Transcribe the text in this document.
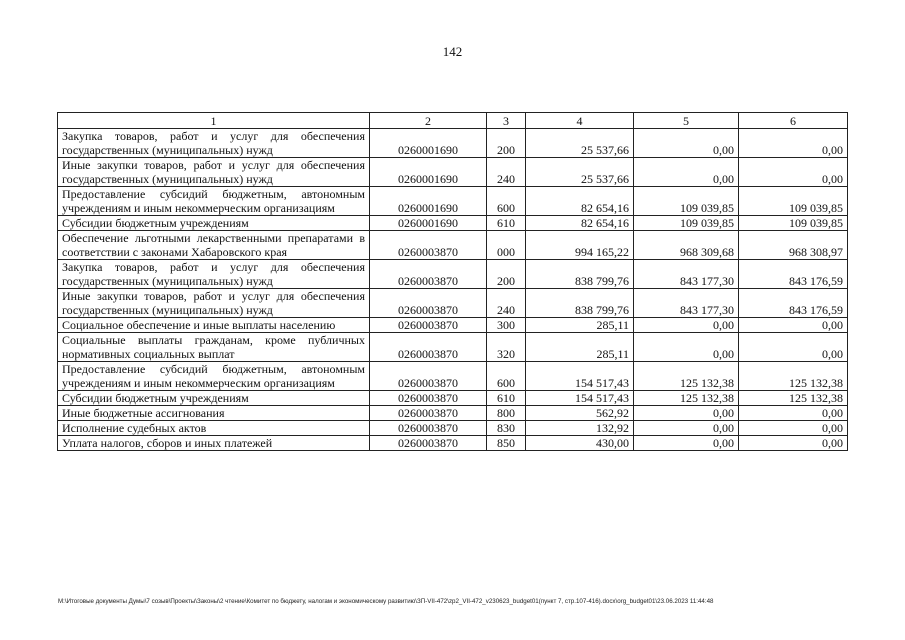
142
1	2	3	4	5	6
Закупка товаров, работ и услуг для обеспечения государственных (муниципальных) нужд	0260001690	200	25 537,66	0,00	0,00
Иные закупки товаров, работ и услуг для обеспечения государственных (муниципальных) нужд	0260001690	240	25 537,66	0,00	0,00
Предоставление субсидий бюджетным, автономным учреждениям и иным некоммерческим организациям	0260001690	600	82 654,16	109 039,85	109 039,85
Субсидии бюджетным учреждениям	0260001690	610	82 654,16	109 039,85	109 039,85
Обеспечение льготными лекарственными препаратами в соответствии с законами Хабаровского края	0260003870	000	994 165,22	968 309,68	968 308,97
Закупка товаров, работ и услуг для обеспечения государственных (муниципальных) нужд	0260003870	200	838 799,76	843 177,30	843 176,59
Иные закупки товаров, работ и услуг для обеспечения государственных (муниципальных) нужд	0260003870	240	838 799,76	843 177,30	843 176,59
Социальное обеспечение и иные выплаты населению	0260003870	300	285,11	0,00	0,00
Социальные выплаты гражданам, кроме публичных нормативных социальных выплат	0260003870	320	285,11	0,00	0,00
Предоставление субсидий бюджетным, автономным учреждениям и иным некоммерческим организациям	0260003870	600	154 517,43	125 132,38	125 132,38
Субсидии бюджетным учреждениям	0260003870	610	154 517,43	125 132,38	125 132,38
Иные бюджетные ассигнования	0260003870	800	562,92	0,00	0,00
Исполнение судебных актов	0260003870	830	132,92	0,00	0,00
Уплата налогов, сборов и иных платежей	0260003870	850	430,00	0,00	0,00
M:\Итоговые документы Думы\7 созыв\Проекты\Законы\2 чтение\Комитет по бюджету, налогам и экономическому развитию\ЗП-VII-472\zp2_VII-472_v230623_budget01(пункт 7, стр.107-416).docx\org_budget01\23.06.2023 11:44:48
